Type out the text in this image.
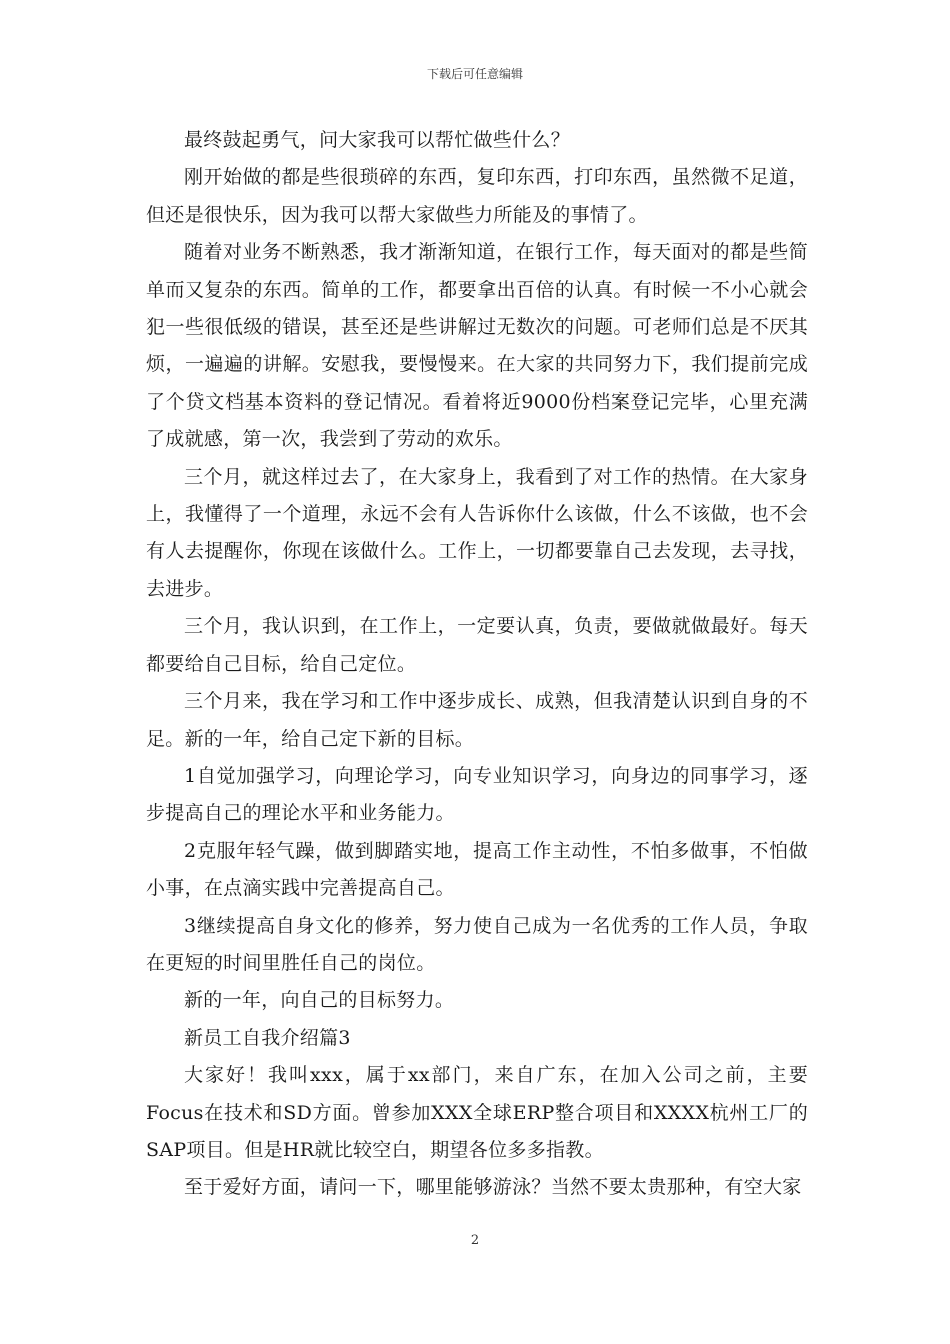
下载后可任意编辑

最终鼓起勇气，问大家我可以帮忙做些什么？

刚开始做的都是些很琐碎的东西，复印东西，打印东西，虽然微不足道，但还是很快乐，因为我可以帮大家做些力所能及的事情了。

随着对业务不断熟悉，我才渐渐知道，在银行工作，每天面对的都是些简单而又复杂的东西。简单的工作，都要拿出百倍的认真。有时候一不小心就会犯一些很低级的错误，甚至还是些讲解过无数次的问题。可老师们总是不厌其烦，一遍遍的讲解。安慰我，要慢慢来。在大家的共同努力下，我们提前完成了个贷文档基本资料的登记情况。看着将近9000份档案登记完毕，心里充满了成就感，第一次，我尝到了劳动的欢乐。

三个月，就这样过去了，在大家身上，我看到了对工作的热情。在大家身上，我懂得了一个道理，永远不会有人告诉你什么该做，什么不该做，也不会有人去提醒你，你现在该做什么。工作上，一切都要靠自己去发现，去寻找，去进步。

三个月，我认识到，在工作上，一定要认真，负责，要做就做最好。每天都要给自己目标，给自己定位。

三个月来，我在学习和工作中逐步成长、成熟，但我清楚认识到自身的不足。新的一年，给自己定下新的目标。

1自觉加强学习，向理论学习，向专业知识学习，向身边的同事学习，逐步提高自己的理论水平和业务能力。

2克服年轻气躁，做到脚踏实地，提高工作主动性，不怕多做事，不怕做小事，在点滴实践中完善提高自己。

3继续提高自身文化的修养，努力使自己成为一名优秀的工作人员，争取在更短的时间里胜任自己的岗位。

新的一年，向自己的目标努力。

新员工自我介绍篇3

大家好！我叫xxx，属于xx部门，来自广东，在加入公司之前，主要Focus在技术和SD方面。曾参加XXX全球ERP整合项目和XXXX杭州工厂的SAP项目。但是HR就比较空白，期望各位多多指教。

至于爱好方面，请问一下，哪里能够游泳？当然不要太贵那种，有空大家

2
